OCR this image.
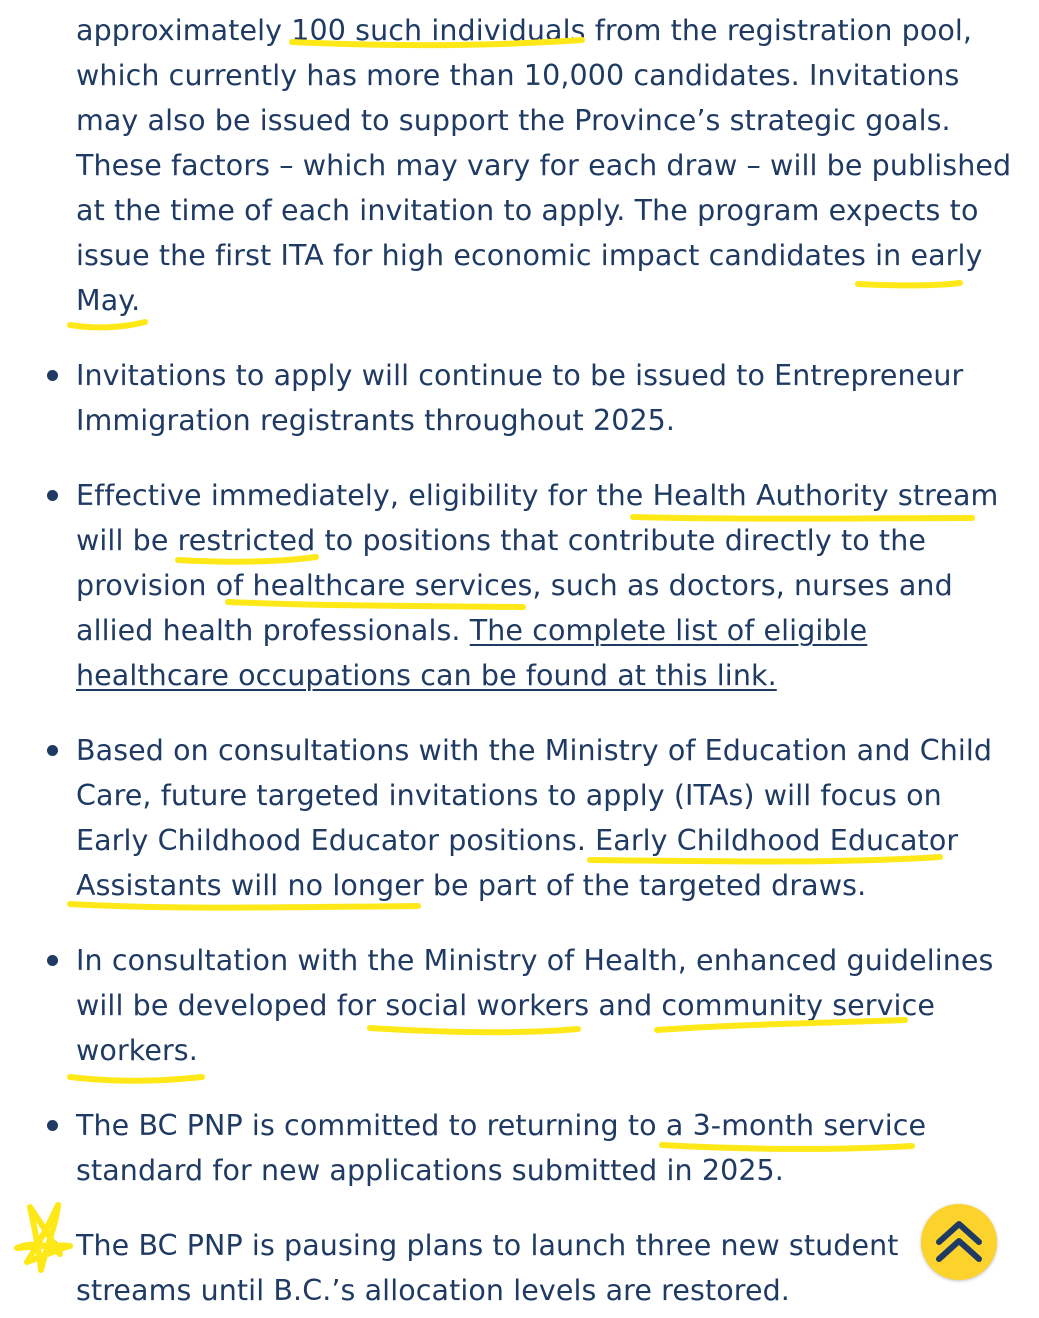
approximately 100 such individuals from the registration pool,
which currently has more than 10,000 candidates. Invitations
may also be issued to support the Province’s strategic goals.
These factors – which may vary for each draw – will be published
at the time of each invitation to apply. The program expects to
issue the first ITA for high economic impact candidates in early
May.

Invitations to apply will continue to be issued to Entrepreneur
Immigration registrants throughout 2025.

Effective immediately, eligibility for the Health Authority stream
will be restricted to positions that contribute directly to the
provision of healthcare services, such as doctors, nurses and
allied health professionals. The complete list of eligible
healthcare occupations can be found at this link.

Based on consultations with the Ministry of Education and Child
Care, future targeted invitations to apply (ITAs) will focus on
Early Childhood Educator positions. Early Childhood Educator
Assistants will no longer be part of the targeted draws.

In consultation with the Ministry of Health, enhanced guidelines
will be developed for social workers and community service
workers.

The BC PNP is committed to returning to a 3-month service
standard for new applications submitted in 2025.

The BC PNP is pausing plans to launch three new student
streams until B.C.’s allocation levels are restored.
